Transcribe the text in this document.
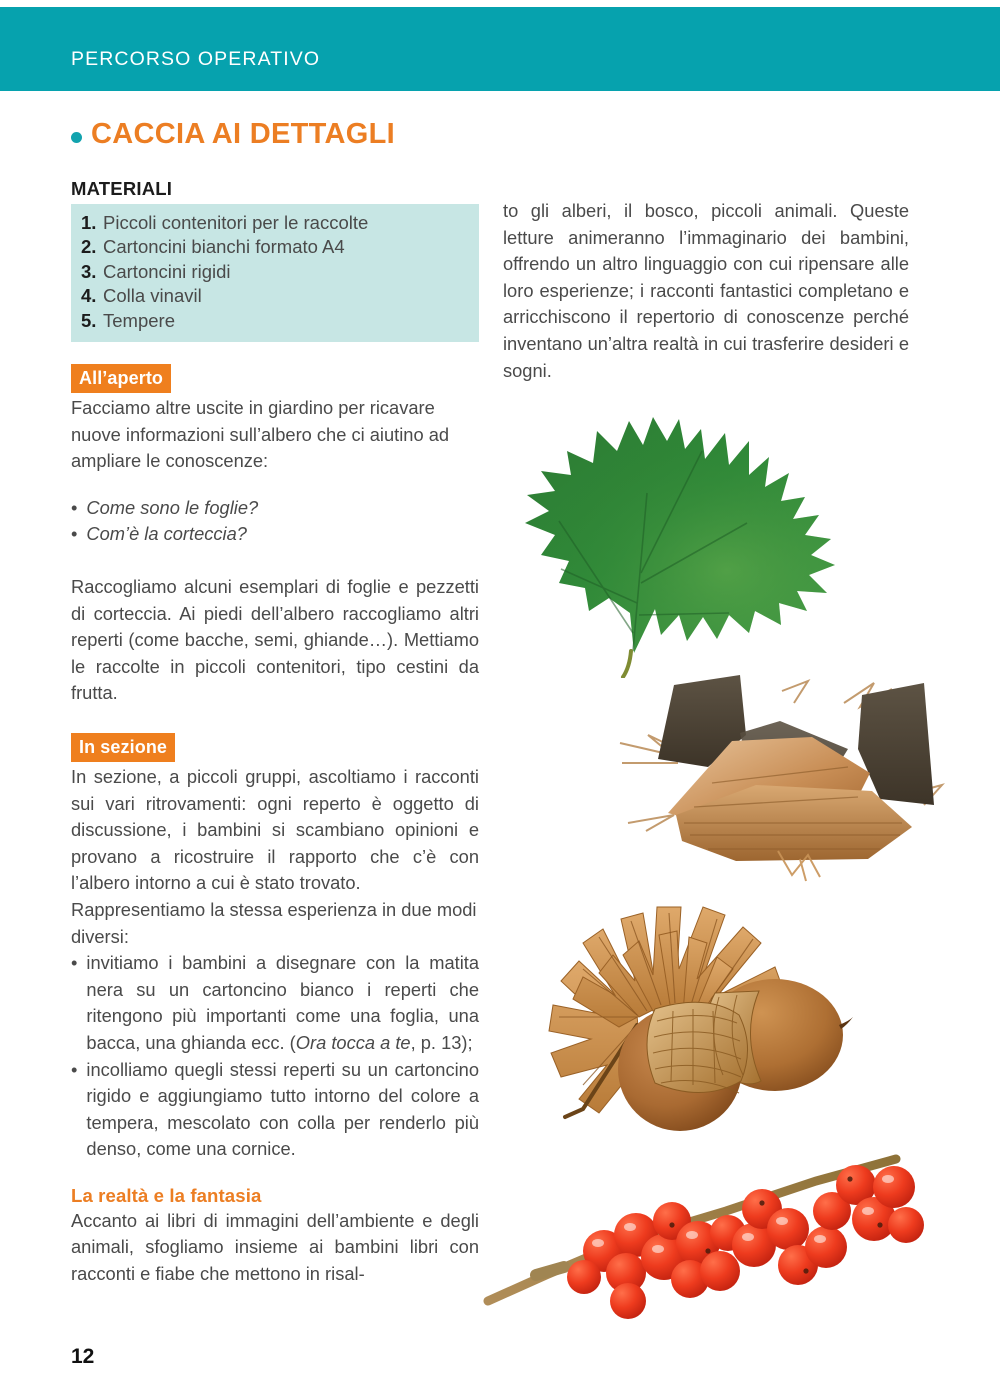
PERCORSO OPERATIVO
CACCIA AI DETTAGLI
MATERIALI
1. Piccoli contenitori per le raccolte
2. Cartoncini bianchi formato A4
3. Cartoncini rigidi
4. Colla vinavil
5. Tempere
All’aperto

Facciamo altre uscite in giardino per ricavare nuove informazioni sull’albero che ci aiutino ad ampliare le conoscenze:

• Come sono le foglie?
• Com’è la corteccia?

Raccogliamo alcuni esemplari di foglie e pezzetti di corteccia. Ai piedi dell’albero raccogliamo altri reperti (come bacche, semi, ghiande…). Mettiamo le raccolte in piccoli contenitori, tipo cestini da frutta.

In sezione

In sezione, a piccoli gruppi, ascoltiamo i racconti sui vari ritrovamenti: ogni reperto è oggetto di discussione, i bambini si scambiano opinioni e provano a ricostruire il rapporto che c’è con l’albero intorno a cui è stato trovato.

Rappresentiamo la stessa esperienza in due modi diversi:

• invitiamo i bambini a disegnare con la matita nera su un cartoncino bianco i reperti che ritengono più importanti come una foglia, una bacca, una ghianda ecc. (Ora tocca a te, p. 13);
• incolliamo quegli stessi reperti su un cartoncino rigido e aggiungiamo tutto intorno del colore a tempera, mescolato con colla per renderlo più denso, come una cornice.
La realtà e la fantasia

Accanto ai libri di immagini dell’ambiente e degli animali, sfogliamo insieme ai bambini libri con racconti e fiabe che mettono in risal-

to gli alberi, il bosco, piccoli animali. Queste letture animeranno l’immaginario dei bambini, offrendo un altro linguaggio con cui ripensare alle loro esperienze; i racconti fantastici completano e arricchiscono il repertorio di conoscenze perché inventano un’altra realtà in cui trasferire desideri e sogni.

12
